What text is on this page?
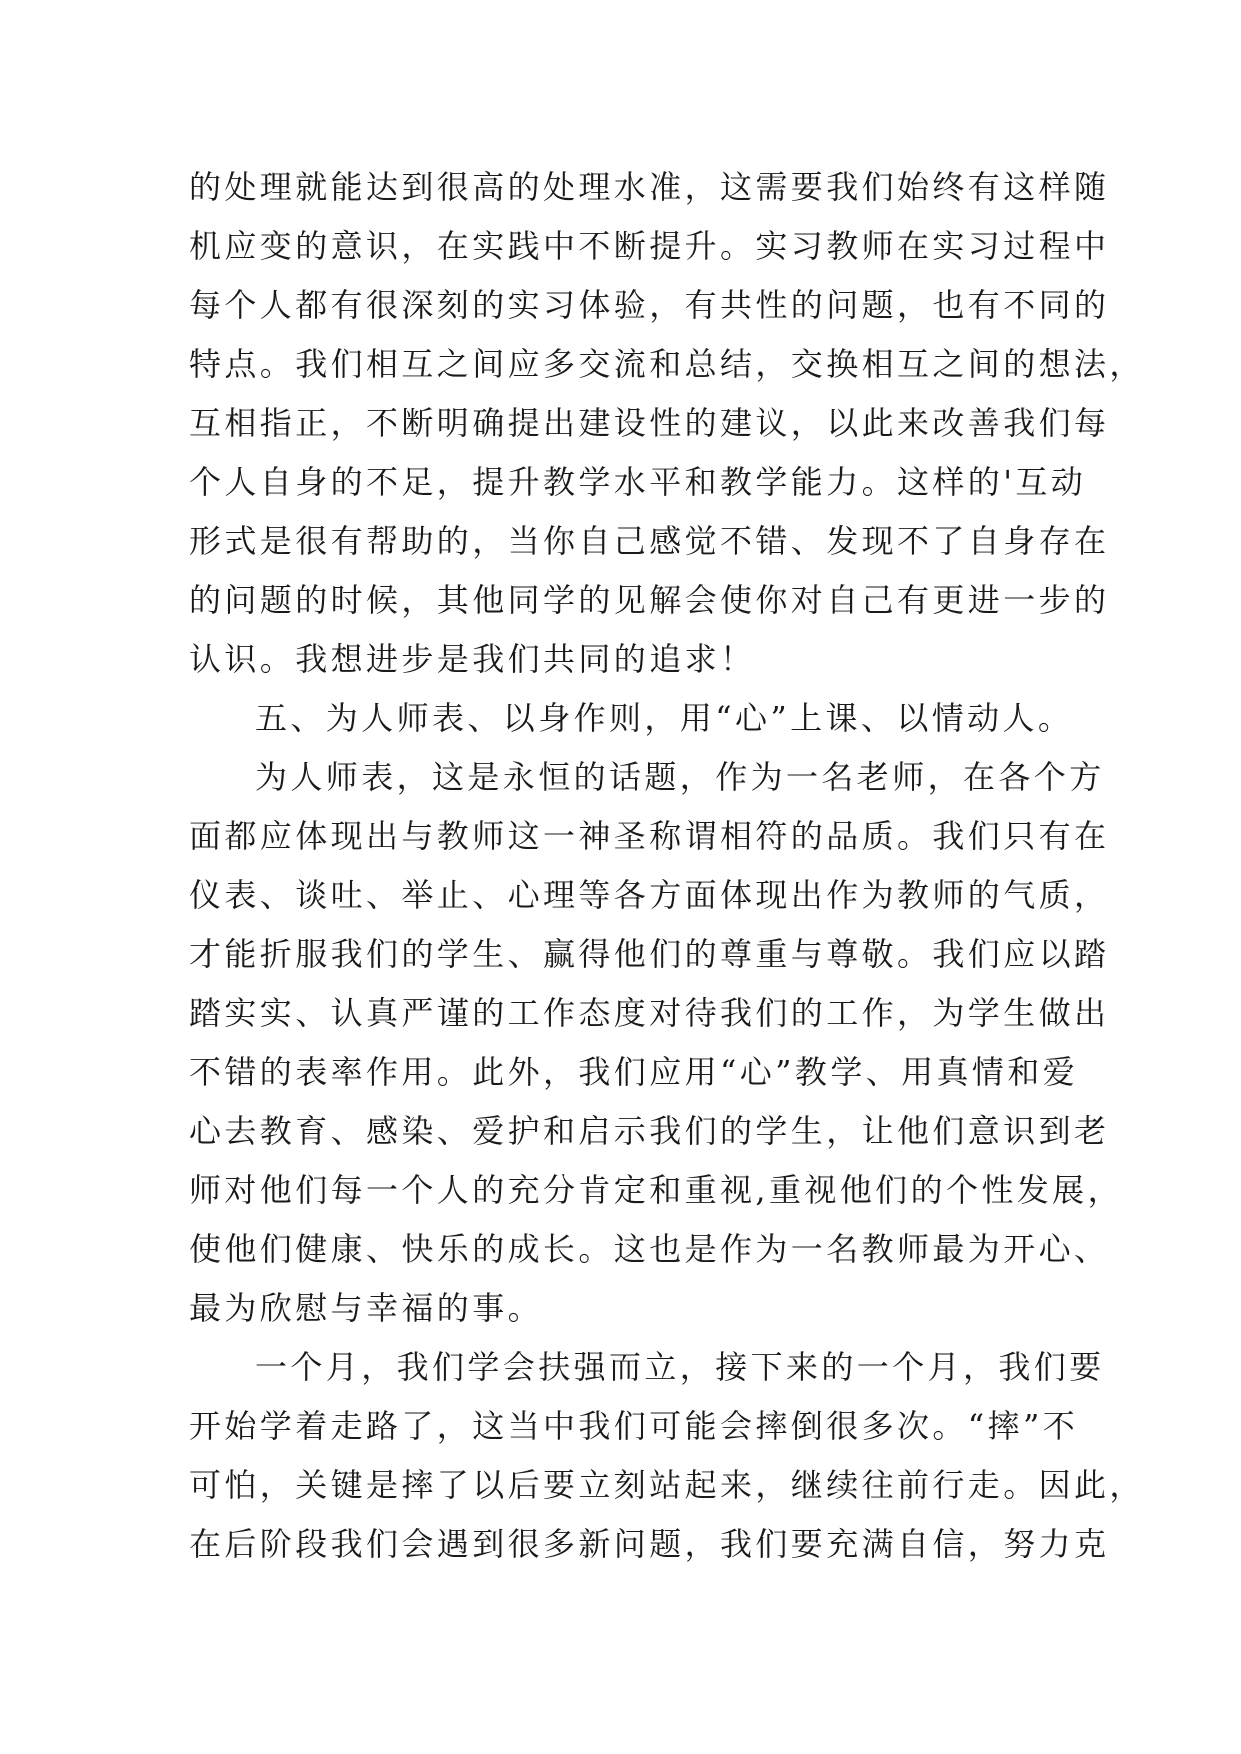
的处理就能达到很高的处理水准，这需要我们始终有这样随
机应变的意识，在实践中不断提升。实习教师在实习过程中
每个人都有很深刻的实习体验，有共性的问题，也有不同的
特点。我们相互之间应多交流和总结，交换相互之间的想法，
互相指正，不断明确提出建设性的建议，以此来改善我们每
个人自身的不足，提升教学水平和教学能力。这样的'互动
形式是很有帮助的，当你自己感觉不错、发现不了自身存在
的问题的时候，其他同学的见解会使你对自己有更进一步的
认识。我想进步是我们共同的追求！
五、为人师表、以身作则，用“心”上课、以情动人。
为人师表，这是永恒的话题，作为一名老师，在各个方
面都应体现出与教师这一神圣称谓相符的品质。我们只有在
仪表、谈吐、举止、心理等各方面体现出作为教师的气质，
才能折服我们的学生、赢得他们的尊重与尊敬。我们应以踏
踏实实、认真严谨的工作态度对待我们的工作，为学生做出
不错的表率作用。此外，我们应用“心”教学、用真情和爱
心去教育、感染、爱护和启示我们的学生，让他们意识到老
师对他们每一个人的充分肯定和重视,重视他们的个性发展，
使他们健康、快乐的成长。这也是作为一名教师最为开心、
最为欣慰与幸福的事。
一个月，我们学会扶强而立，接下来的一个月，我们要
开始学着走路了，这当中我们可能会摔倒很多次。“摔”不
可怕，关键是摔了以后要立刻站起来，继续往前行走。因此，
在后阶段我们会遇到很多新问题，我们要充满自信，努力克
